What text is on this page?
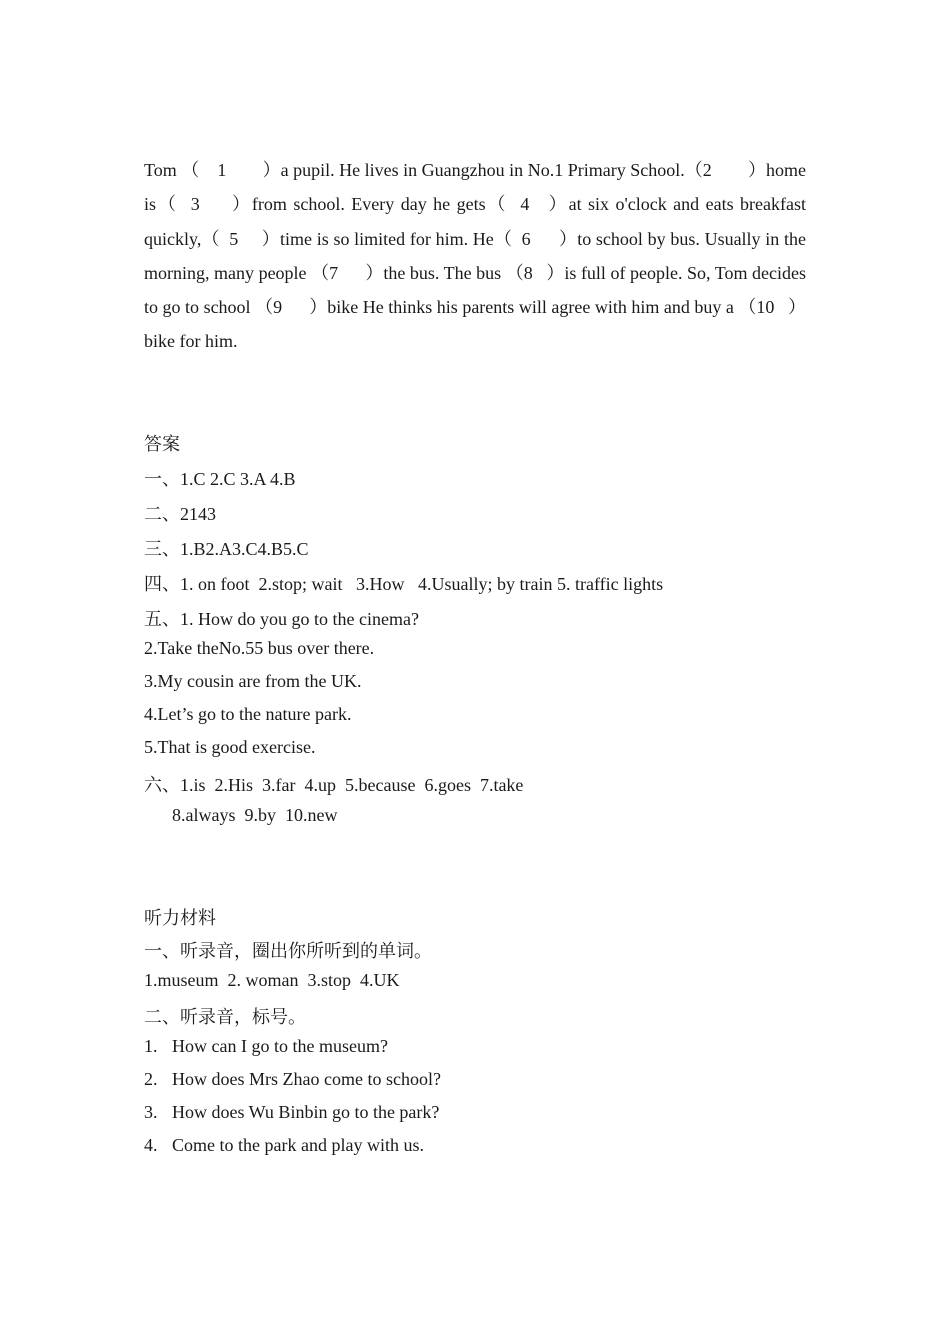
Tom （    1        ）a pupil. He lives in Guangzhou in No.1 Primary School.（2        ）home is（  3     ）from school. Every day he gets（  4   ）at six o'clock and eats breakfast quickly,（  5     ）time is so limited for him. He（  6      ）to school by bus. Usually in the morning, many people （7      ）the bus. The bus （8   ）is full of people. So, Tom decides to go to school （9      ）bike He thinks his parents will agree with him and buy a （10   ）bike for him.
答案
一、1.C 2.C 3.A 4.B
二、2143
三、1.B2.A3.C4.B5.C
四、1. on foot  2.stop; wait   3.How   4.Usually; by train 5. traffic lights
五、1. How do you go to the cinema?
2.Take theNo.55 bus over there.
3.My cousin are from the UK.
4.Let’s go to the nature park.
5.That is good exercise.
六、1.is  2.His  3.far  4.up  5.because  6.goes  7.take
8.always  9.by  10.new
听力材料
一、听录音，圈出你所听到的单词。
1.museum  2. woman  3.stop  4.UK
二、听录音，标号。
1. How can I go to the museum?
2. How does Mrs Zhao come to school?
3. How does Wu Binbin go to the park?
4. Come to the park and play with us.
